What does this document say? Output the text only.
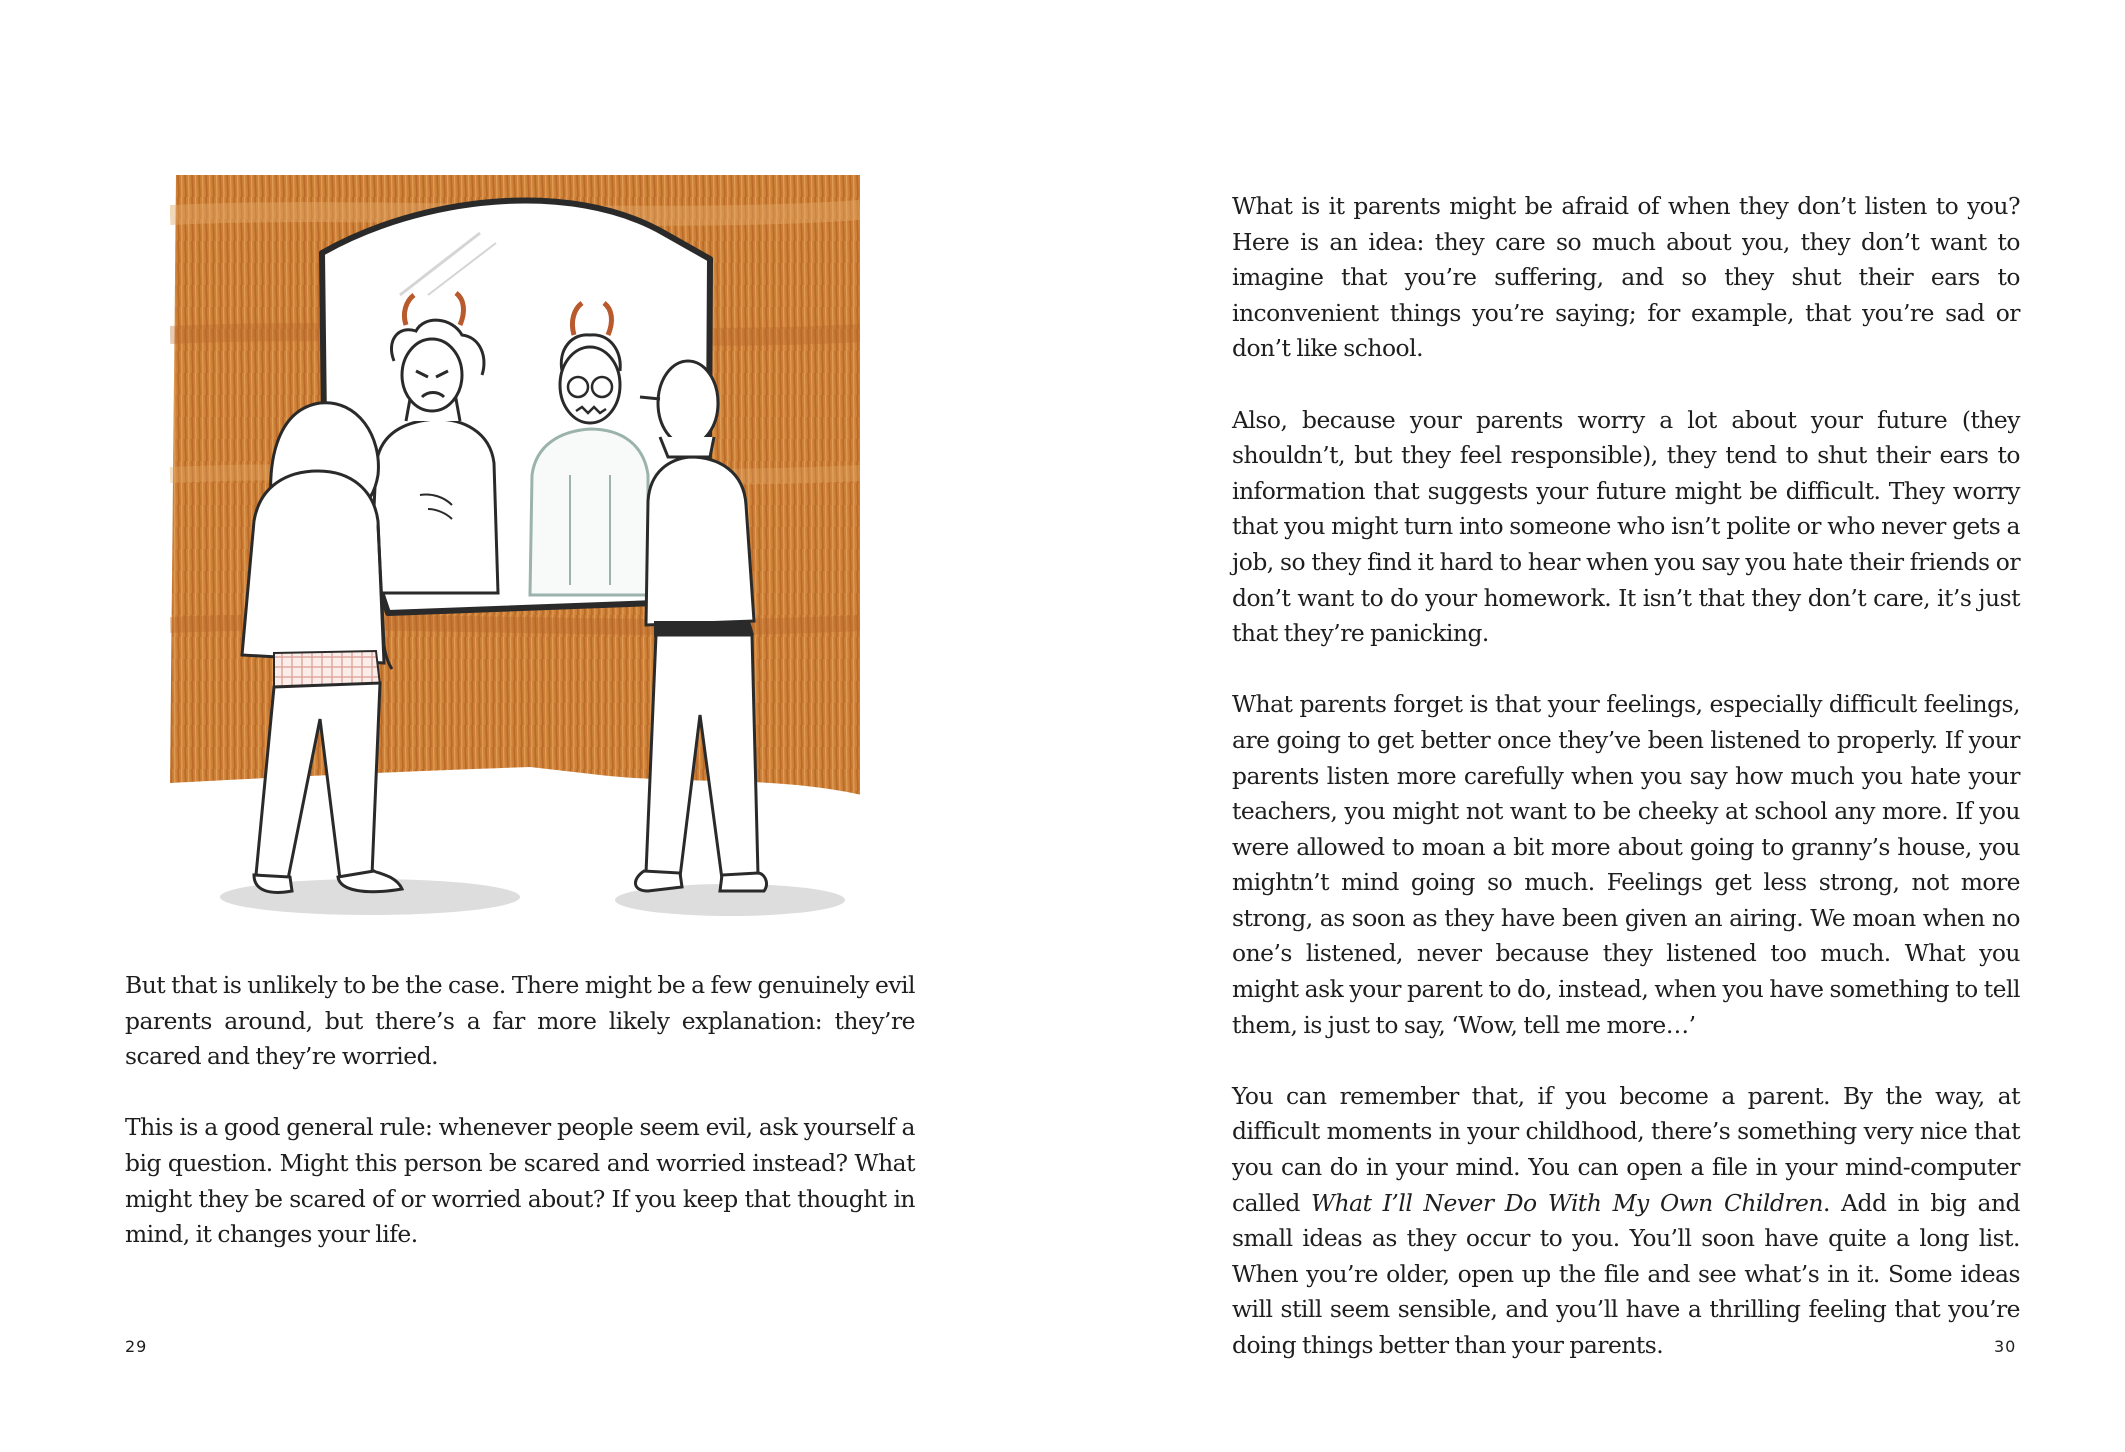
But that is unlikely to be the case. There might be a few genuinely evil parents around, but there’s a far more likely explanation: they’re scared and they’re worried.

This is a good general rule: whenever people seem evil, ask yourself a big question. Might this person be scared and worried instead? What might they be scared of or worried about? If you keep that thought in mind, it changes your life.

29

What is it parents might be afraid of when they don’t listen to you? Here is an idea: they care so much about you, they don’t want to imagine that you’re suffering, and so they shut their ears to inconvenient things you’re saying; for example, that you’re sad or don’t like school.

Also, because your parents worry a lot about your future (they shouldn’t, but they feel responsible), they tend to shut their ears to information that suggests your future might be difficult. They worry that you might turn into someone who isn’t polite or who never gets a job, so they find it hard to hear when you say you hate their friends or don’t want to do your homework. It isn’t that they don’t care, it’s just that they’re panicking.

What parents forget is that your feelings, especially difficult feelings, are going to get better once they’ve been listened to properly. If your parents listen more carefully when you say how much you hate your teachers, you might not want to be cheeky at school any more. If you were allowed to moan a bit more about going to granny’s house, you mightn’t mind going so much. Feelings get less strong, not more strong, as soon as they have been given an airing. We moan when no one’s listened, never because they listened too much. What you might ask your parent to do, instead, when you have something to tell them, is just to say, ‘Wow, tell me more…’

You can remember that, if you become a parent. By the way, at difficult moments in your childhood, there’s something very nice that you can do in your mind. You can open a file in your mind-computer called What I’ll Never Do With My Own Children. Add in big and small ideas as they occur to you. You’ll soon have quite a long list. When you’re older, open up the file and see what’s in it. Some ideas will still seem sensible, and you’ll have a thrilling feeling that you’re doing things better than your parents.	30
